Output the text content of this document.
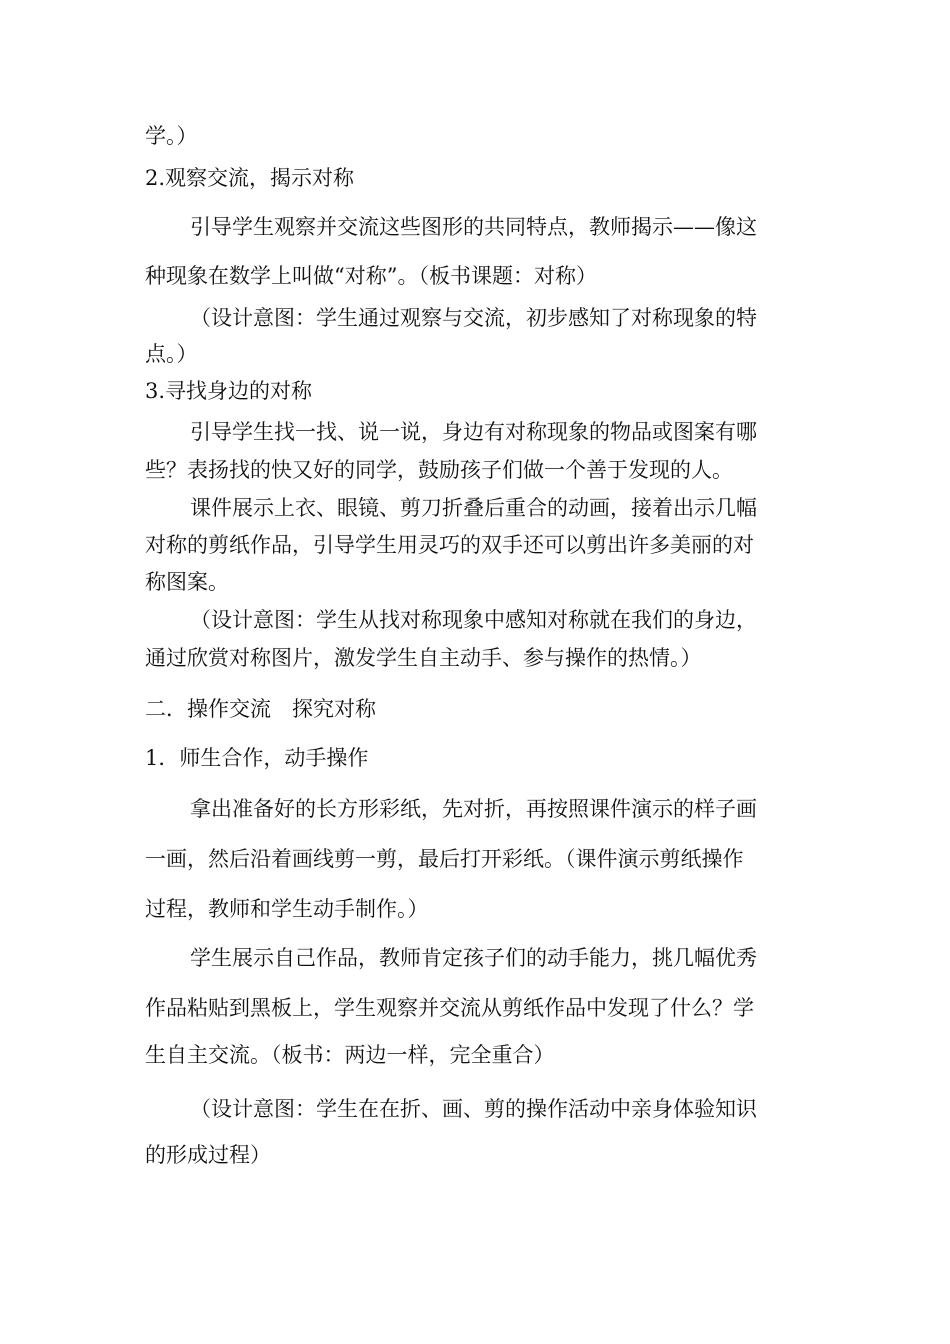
学。）
2.观察交流，揭示对称
引导学生观察并交流这些图形的共同特点，教师揭示——像这
种现象在数学上叫做“对称”。（板书课题：对称）
（设计意图：学生通过观察与交流，初步感知了对称现象的特
点。）
3.寻找身边的对称
引导学生找一找、说一说，身边有对称现象的物品或图案有哪
些？表扬找的快又好的同学，鼓励孩子们做一个善于发现的人。
课件展示上衣、眼镜、剪刀折叠后重合的动画，接着出示几幅
对称的剪纸作品，引导学生用灵巧的双手还可以剪出许多美丽的对
称图案。
（设计意图：学生从找对称现象中感知对称就在我们的身边，
通过欣赏对称图片，激发学生自主动手、参与操作的热情。）
二．操作交流　探究对称
1．师生合作，动手操作
拿出准备好的长方形彩纸，先对折，再按照课件演示的样子画
一画，然后沿着画线剪一剪，最后打开彩纸。（课件演示剪纸操作
过程，教师和学生动手制作。）
学生展示自己作品，教师肯定孩子们的动手能力，挑几幅优秀
作品粘贴到黑板上，学生观察并交流从剪纸作品中发现了什么？学
生自主交流。（板书：两边一样，完全重合）
（设计意图：学生在在折、画、剪的操作活动中亲身体验知识
的形成过程）
